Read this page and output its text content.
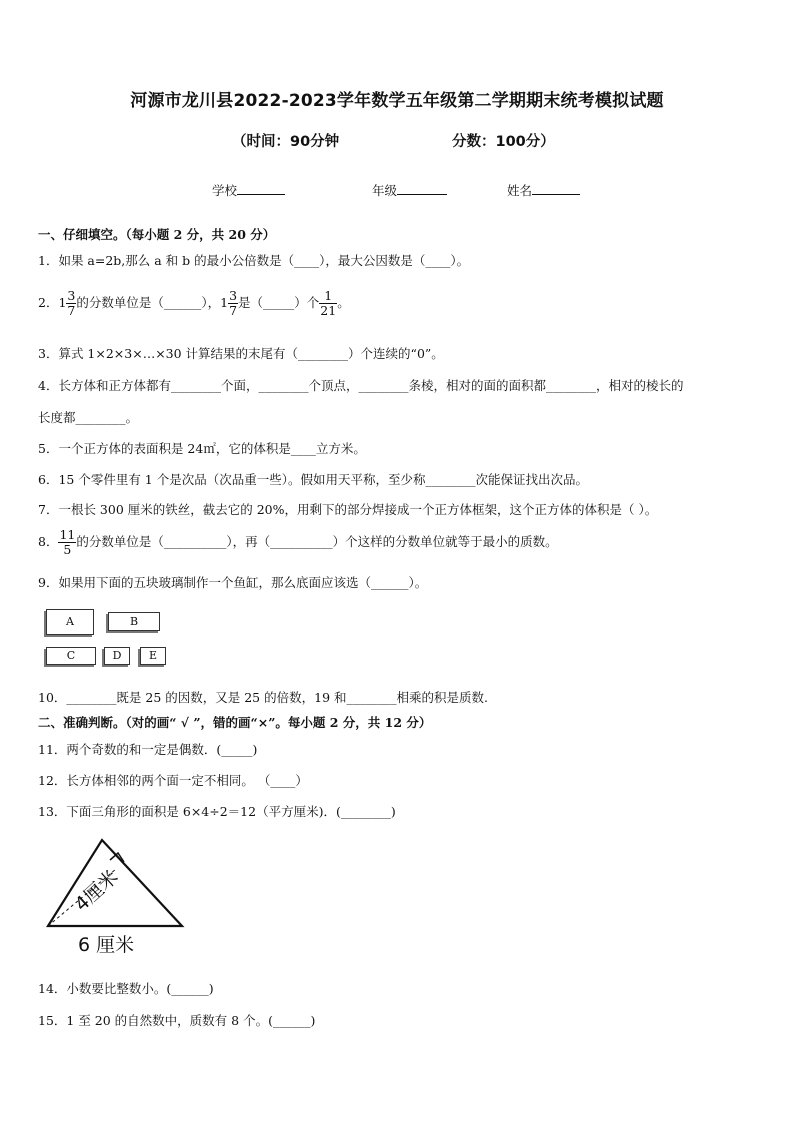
河源市龙川县2022-2023学年数学五年级第二学期期末统考模拟试题
（时间：90分钟	分数：100分）
学校	年级	姓名
一、仔细填空。（每小题 2 分，共 20 分）
1．如果 a=2b,那么 a 和 b 的最小公倍数是（____），最大公因数是（____）。
2．$1 \frac{3}{7}$ 的分数单位是（______），$1 \frac{3}{7}$ 是（_____）个 $\frac{1}{21}$ 。
3．算式 1×2×3×…×30 计算结果的末尾有（________）个连续的“0”。
4．长方体和正方体都有________个面，________个顶点，________条棱，相对的面的面积都________，相对的棱长的
长度都________。
5．一个正方体的表面积是 24㎡，它的体积是____立方米。
6．15 个零件里有 1 个是次品（次品重一些）。假如用天平称，至少称________次能保证找出次品。
7．一根长 300 厘米的铁丝，截去它的 20%，用剩下的部分焊接成一个正方体框架，这个正方体的体积是（ ）。
8． $\frac{11}{5}$ 的分数单位是（__________），再（__________）个这样的分数单位就等于最小的质数。
9．如果用下面的五块玻璃制作一个鱼缸，那么底面应该选（______）。
A	B
C	D	E
10．________既是 25 的因数，又是 25 的倍数，19 和________相乘的积是质数.
二、准确判断。（对的画“ √ ”，错的画“×”。每小题 2 分，共 12 分）
11．两个奇数的和一定是偶数．(_____)
12．长方体相邻的两个面一定不相同。 （____）
13．下面三角形的面积是 6×4÷2＝12（平方厘米)．(________)
4厘米
6 厘米
14．小数要比整数小。(______)
15．1 至 20 的自然数中，质数有 8 个。(______)
